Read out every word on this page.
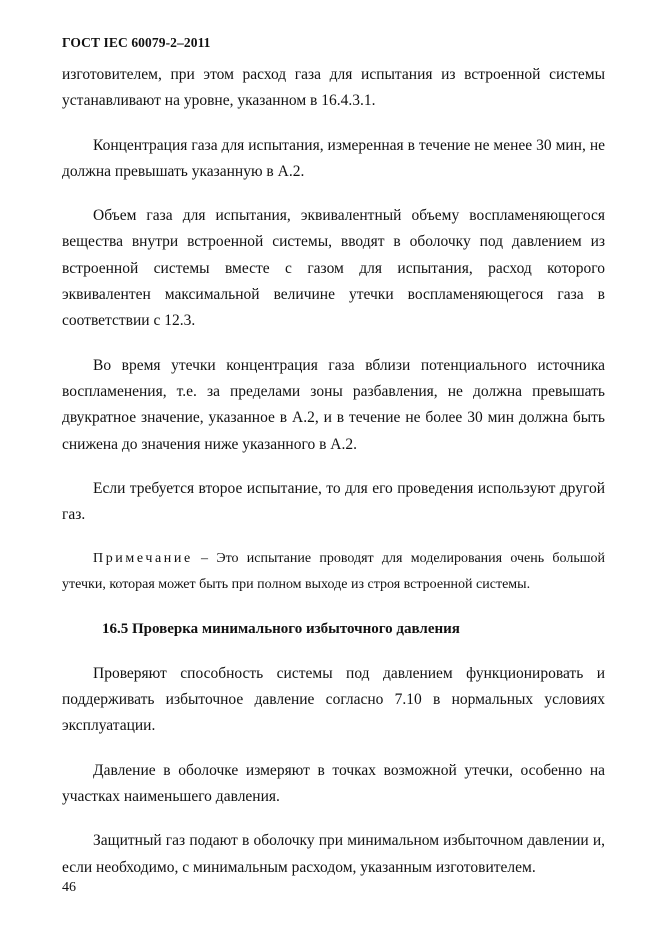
ГОСТ IEC 60079-2–2011

изготовителем, при этом расход газа для испытания из встроенной системы устанавливают на уровне, указанном в 16.4.3.1.

Концентрация газа для испытания, измеренная в течение не менее 30 мин, не должна превышать указанную в А.2.

Объем газа для испытания, эквивалентный объему воспламеняющегося вещества внутри встроенной системы, вводят в оболочку под давлением из встроенной системы вместе с газом для испытания, расход которого эквивалентен максимальной величине утечки воспламеняющегося газа в соответствии с 12.3.

Во время утечки концентрация газа вблизи потенциального источника воспламенения, т.е. за пределами зоны разбавления, не должна превышать двукратное значение, указанное в А.2, и в течение не более 30 мин должна быть снижена до значения ниже указанного в А.2.

Если требуется второе испытание, то для его проведения используют другой газ.

Примечание – Это испытание проводят для моделирования очень большой утечки, которая может быть при полном выходе из строя встроенной системы.

16.5 Проверка минимального избыточного давления

Проверяют способность системы под давлением функционировать и поддерживать избыточное давление согласно 7.10 в нормальных условиях эксплуатации.

Давление в оболочке измеряют в точках возможной утечки, особенно на участках наименьшего давления.

Защитный газ подают в оболочку при минимальном избыточном давлении и, если необходимо, с минимальным расходом, указанным изготовителем.

46
